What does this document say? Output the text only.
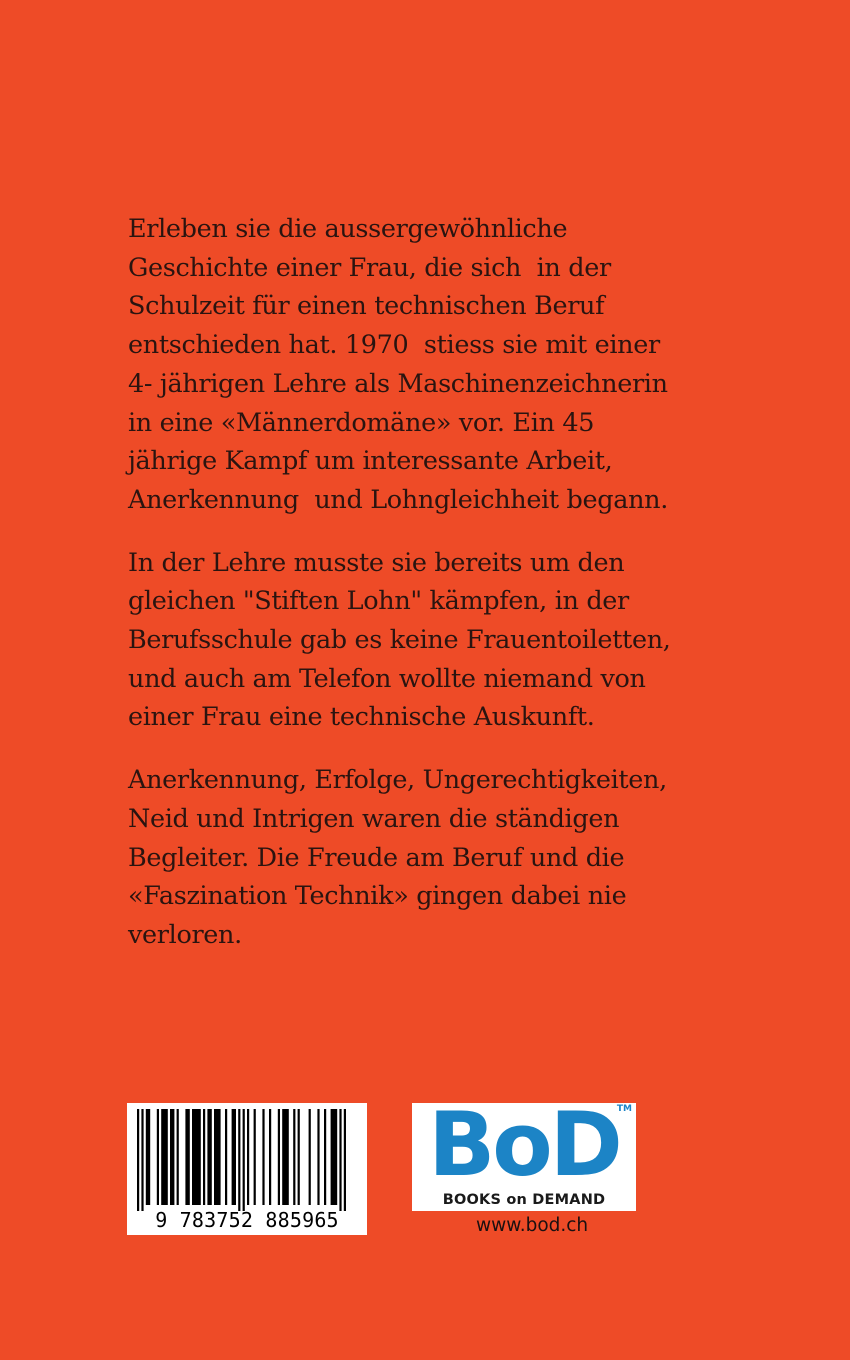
Erleben sie die aussergewöhnliche
Geschichte einer Frau, die sich  in der
Schulzeit für einen technischen Beruf
entschieden hat. 1970  stiess sie mit einer
4- jährigen Lehre als Maschinenzeichnerin
in eine «Männerdomäne» vor. Ein 45
jährige Kampf um interessante Arbeit,
Anerkennung  und Lohngleichheit begann.

In der Lehre musste sie bereits um den
gleichen "Stiften Lohn" kämpfen, in der
Berufsschule gab es keine Frauentoiletten,
und auch am Telefon wollte niemand von
einer Frau eine technische Auskunft.

Anerkennung, Erfolge, Ungerechtigkeiten,
Neid und Intrigen waren die ständigen
Begleiter. Die Freude am Beruf und die
«Faszination Technik» gingen dabei nie
verloren.

9 783752 885965
BoD
TM
BOOKS on DEMAND
www.bod.ch
